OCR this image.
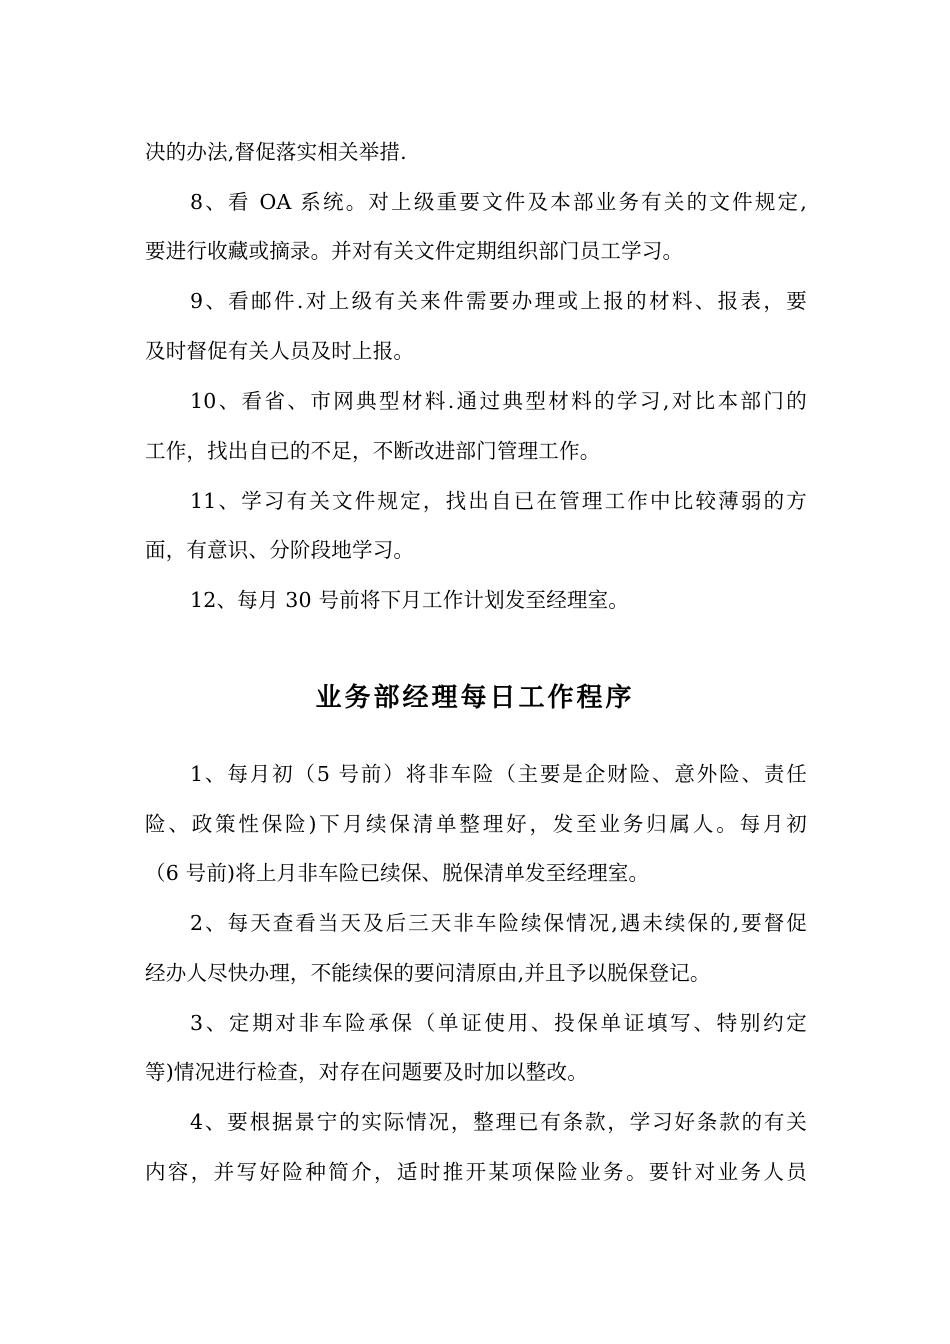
决的办法,督促落实相关举措.
8、看 OA 系统。对上级重要文件及本部业务有关的文件规定,
要进行收藏或摘录。并对有关文件定期组织部门员工学习。
9、看邮件.对上级有关来件需要办理或上报的材料、报表，要
及时督促有关人员及时上报。
10、看省、市网典型材料.通过典型材料的学习,对比本部门的
工作，找出自已的不足，不断改进部门管理工作。
11、学习有关文件规定，找出自已在管理工作中比较薄弱的方
面，有意识、分阶段地学习。
12、每月 30 号前将下月工作计划发至经理室。
业务部经理每日工作程序
1、每月初（5 号前）将非车险（主要是企财险、意外险、责任
险、政策性保险)下月续保清单整理好，发至业务归属人。每月初
（6 号前)将上月非车险已续保、脱保清单发至经理室。
2、每天查看当天及后三天非车险续保情况,遇未续保的,要督促
经办人尽快办理，不能续保的要问清原由,并且予以脱保登记。
3、定期对非车险承保（单证使用、投保单证填写、特别约定
等)情况进行检查，对存在问题要及时加以整改。
4、要根据景宁的实际情况，整理已有条款，学习好条款的有关
内容，并写好险种简介，适时推开某项保险业务。要针对业务人员
